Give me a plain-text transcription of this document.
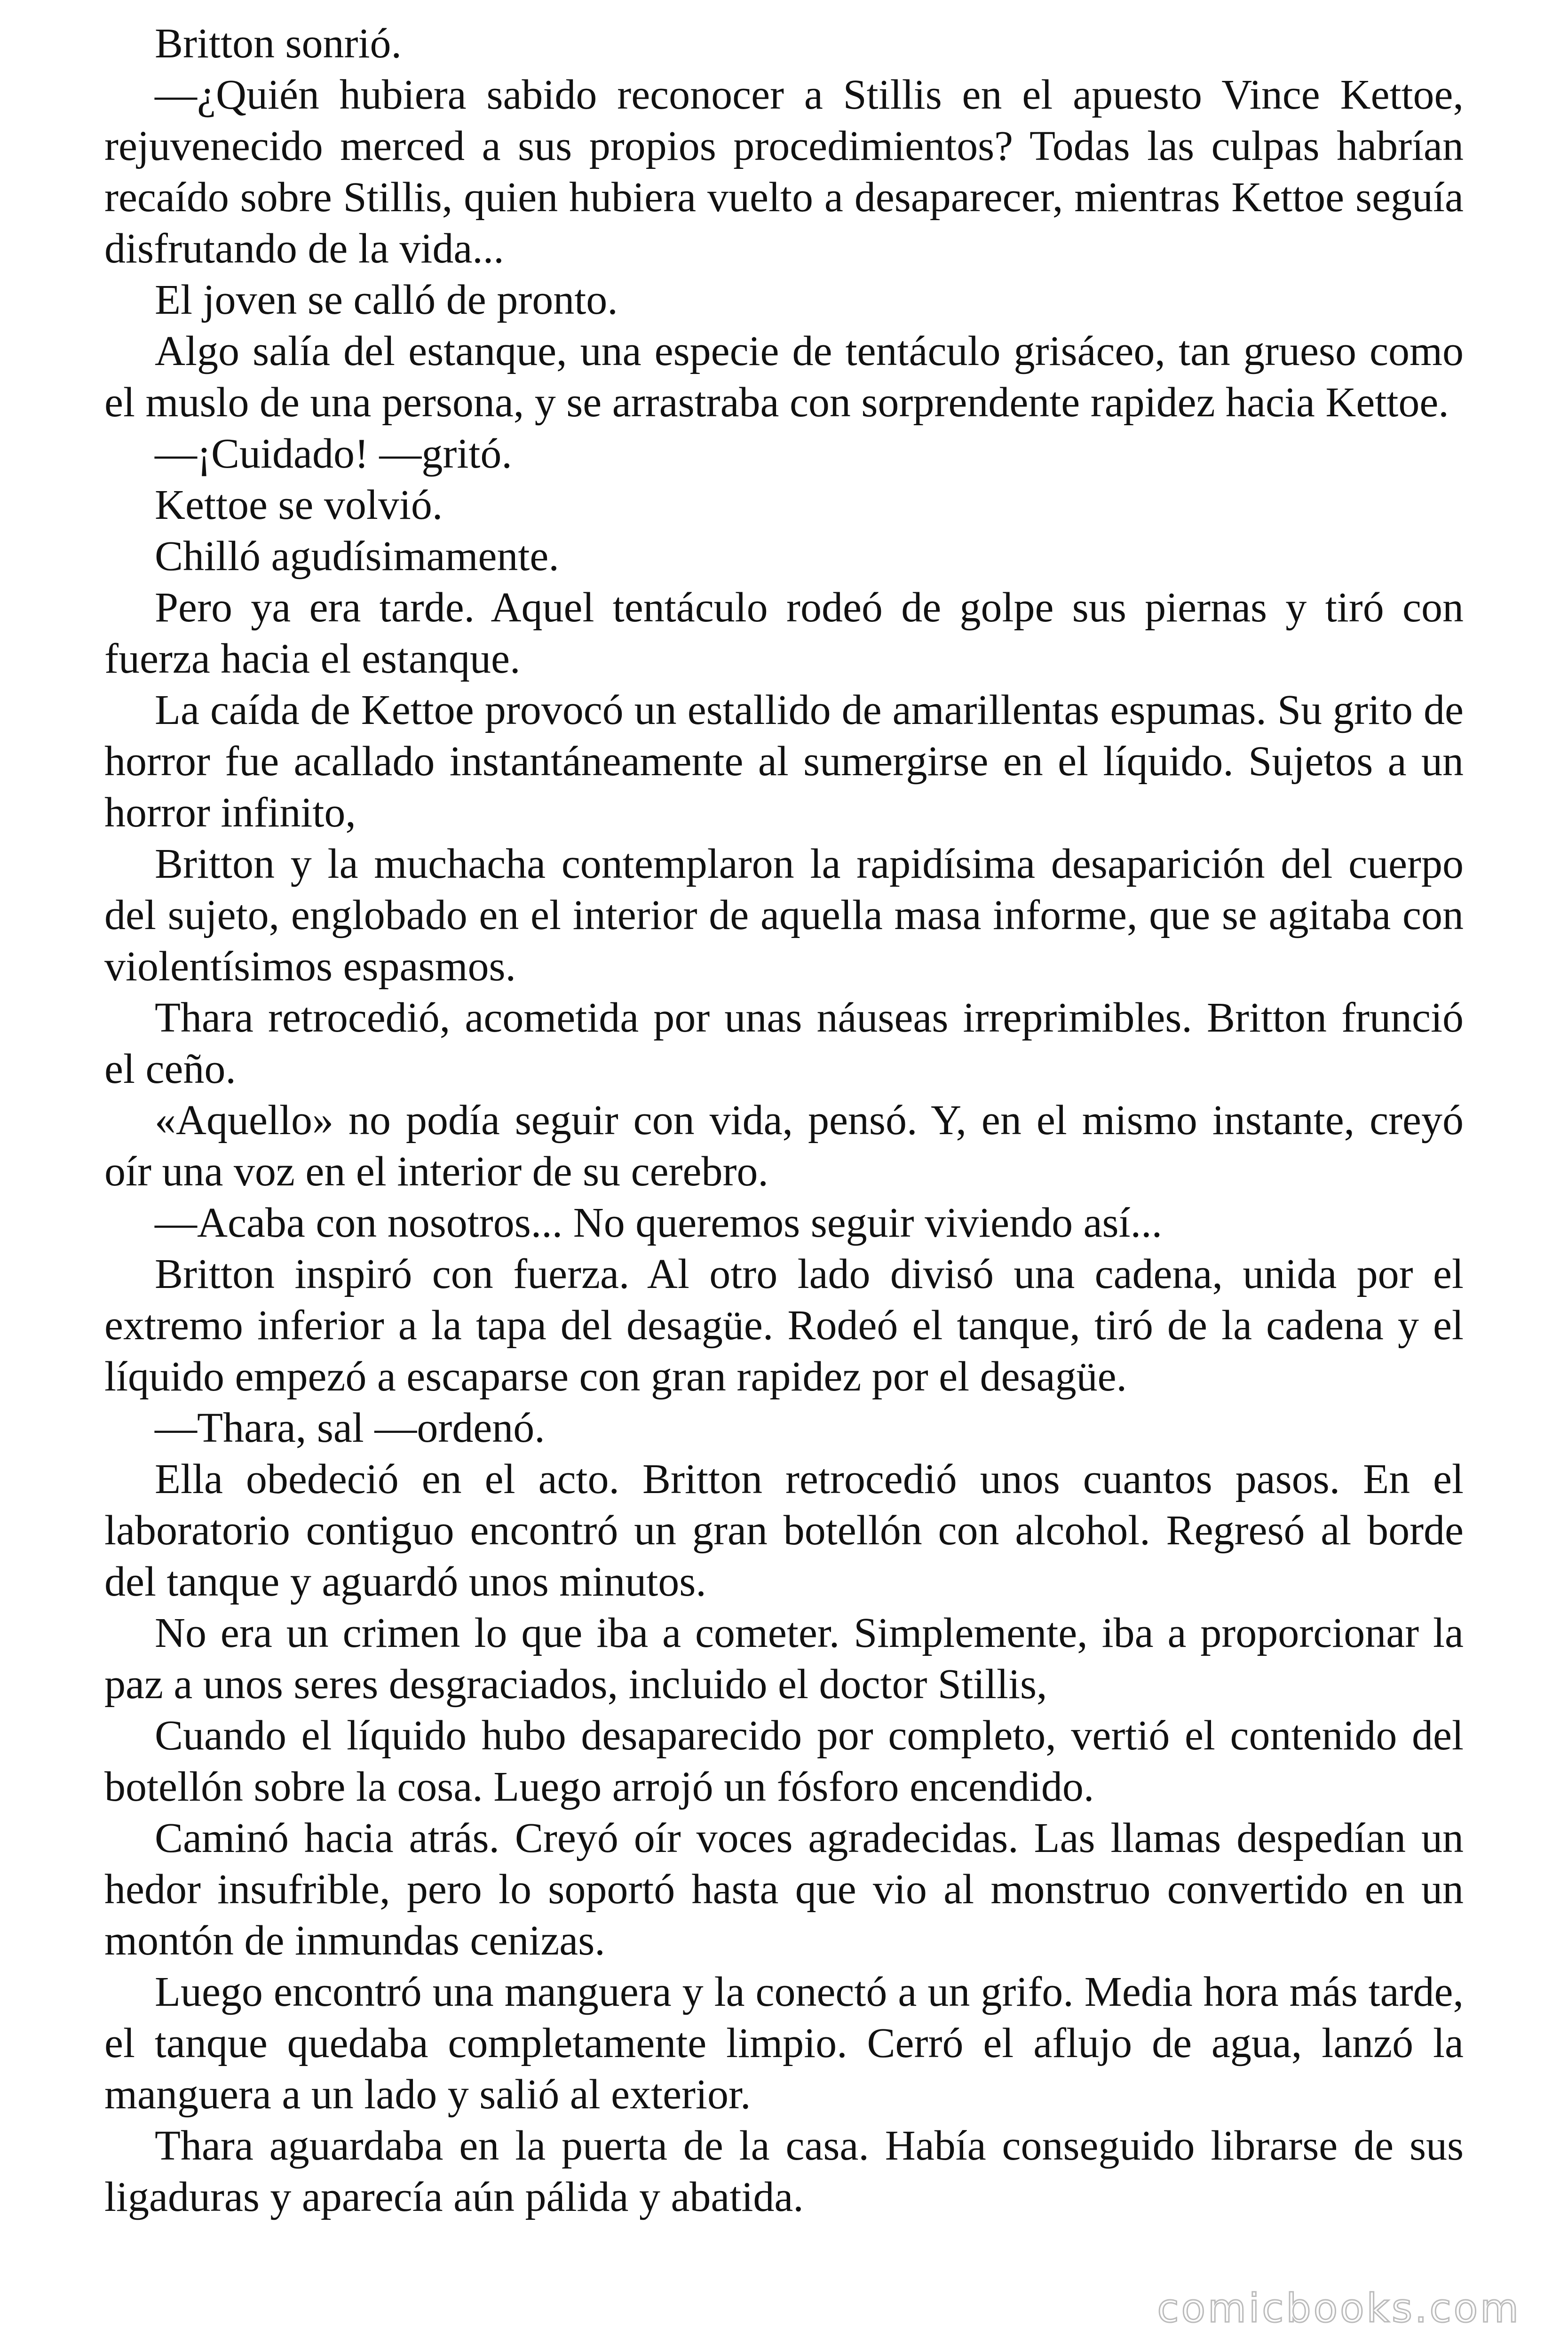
Britton sonrió.

—¿Quién hubiera sabido reconocer a Stillis en el apuesto Vince Kettoe, rejuvenecido merced a sus propios procedimientos? Todas las culpas habrían recaído sobre Stillis, quien hubiera vuelto a desaparecer, mientras Kettoe seguía disfrutando de la vida...

El joven se calló de pronto.

Algo salía del estanque, una especie de tentáculo grisáceo, tan grueso como el muslo de una persona, y se arrastraba con sorprendente rapidez hacia Kettoe.

—¡Cuidado! —gritó.

Kettoe se volvió.

Chilló agudísimamente.

Pero ya era tarde. Aquel tentáculo rodeó de golpe sus piernas y tiró con fuerza hacia el estanque.

La caída de Kettoe provocó un estallido de amarillentas espumas. Su grito de horror fue acallado instantáneamente al sumergirse en el líquido. Sujetos a un horror infinito,

Britton y la muchacha contemplaron la rapidísima desaparición del cuerpo del sujeto, englobado en el interior de aquella masa informe, que se agitaba con violentísimos espasmos.

Thara retrocedió, acometida por unas náuseas irreprimibles. Britton frunció el ceño.

«Aquello» no podía seguir con vida, pensó. Y, en el mismo instante, creyó oír una voz en el interior de su cerebro.

—Acaba con nosotros... No queremos seguir viviendo así...

Britton inspiró con fuerza. Al otro lado divisó una cadena, unida por el extremo inferior a la tapa del desagüe. Rodeó el tanque, tiró de la cadena y el líquido empezó a escaparse con gran rapidez por el desagüe.

—Thara, sal —ordenó.

Ella obedeció en el acto. Britton retrocedió unos cuantos pasos. En el laboratorio contiguo encontró un gran botellón con alcohol. Regresó al borde del tanque y aguardó unos minutos.

No era un crimen lo que iba a cometer. Simplemente, iba a proporcionar la paz a unos seres desgraciados, incluido el doctor Stillis,

Cuando el líquido hubo desaparecido por completo, vertió el contenido del botellón sobre la cosa. Luego arrojó un fósforo encendido.

Caminó hacia atrás. Creyó oír voces agradecidas. Las llamas despedían un hedor insufrible, pero lo soportó hasta que vio al monstruo convertido en un montón de inmundas cenizas.

Luego encontró una manguera y la conectó a un grifo. Media hora más tarde, el tanque quedaba completamente limpio. Cerró el aflujo de agua, lanzó la manguera a un lado y salió al exterior.

Thara aguardaba en la puerta de la casa. Había conseguido librarse de sus ligaduras y aparecía aún pálida y abatida.

comicbooks.com
